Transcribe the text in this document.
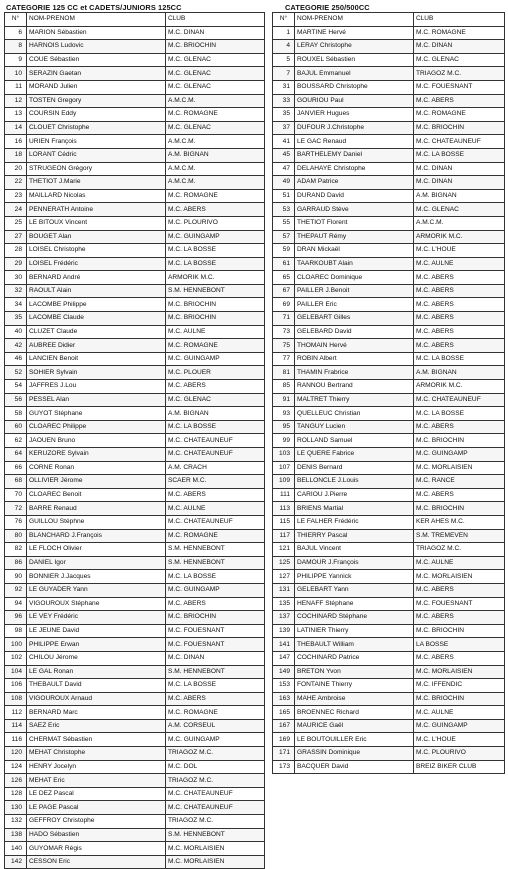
CATEGORIE 125 CC et CADETS/JUNIORS 125CC	CATEGORIE 250/500CC
N°	NOM-PRENOM	CLUB
6	MARION Sébastien	M.C. DINAN
8	HARNOIS Ludovic	M.C. BRIOCHIN
9	COUE Sébastien	M.C. GLENAC
10	SERAZIN Gaetan	M.C. GLENAC
11	MORAND Julien	M.C. GLENAC
12	TOSTEN Gregory	A.M.C.M.
13	COURSIN Eddy	M.C. ROMAGNE
14	CLOUET Christophe	M.C. GLENAC
16	URIEN François	A.M.C.M.
18	LORANT Cédric	A.M. BIGNAN
20	STRUGEON Grégory	A.M.C.M.
22	THETIOT J.Marie	A.M.C.M.
23	MAILLARD Nicolas	M.C. ROMAGNE
24	PENNERATH Antoine	M.C. ABERS
25	LE BITOUX Vincent	M.C. PLOURIVO
27	BOUGET Alan	M.C. GUINGAMP
28	LOISEL Christophe	M.C. LA BOSSE
29	LOISEL Frédéric	M.C. LA BOSSE
30	BERNARD André	ARMORIK M.C.
32	RAOULT Alain	S.M. HENNEBONT
34	LACOMBE Philippe	M.C. BRIOCHIN
35	LACOMBE Claude	M.C. BRIOCHIN
40	CLUZET Claude	M.C. AULNE
42	AUBREE Didier	M.C. ROMAGNE
46	LANCIEN Benoit	M.C. GUINGAMP
52	SOHIER Sylvain	M.C. PLOUER
54	JAFFRES J.Lou	M.C. ABERS
56	PESSEL Alan	M.C. GLENAC
58	GUYOT Stéphane	A.M. BIGNAN
60	CLOAREC Philippe	M.C. LA BOSSE
62	JAOUEN Bruno	M.C. CHATEAUNEUF
64	KERUZORE Sylvain	M.C. CHATEAUNEUF
66	CORNE Ronan	A.M. CRACH
68	OLLIVIER Jérome	SCAER M.C.
70	CLOAREC Benoit	M.C. ABERS
72	BARRE Renaud	M.C. AULNE
76	GUILLOU Stéphne	M.C. CHATEAUNEUF
80	BLANCHARD J.François	M.C. ROMAGNE
82	LE FLOCH Olivier	S.M. HENNEBONT
86	DANIEL Igor	S.M. HENNEBONT
90	BONNIER J.Jacques	M.C. LA BOSSE
92	LE GUYADER Yann	M.C. GUINGAMP
94	VIGOUROUX Stéphane	M.C. ABERS
96	LE VEY Frédéric	M.C. BRIOCHIN
98	LE JEUNE David	M.C. FOUESNANT
100	PHILIPPE Erwan	M.C. FOUESNANT
102	CHILOU Jérome	M.C. DINAN
104	LE GAL Ronan	S.M. HENNEBONT
106	THEBAULT David	M.C. LA BOSSE
108	VIGOUROUX Arnaud	M.C. ABERS
112	BERNARD Marc	M.C. ROMAGNE
114	SAEZ Eric	A.M. CORSEUL
116	CHERMAT Sébastien	M.C. GUINGAMP
120	MEHAT Christophe	TRIAGOZ M.C.
124	HENRY Jocelyn	M.C. DOL
126	MEHAT Eric	TRIAGOZ M.C.
128	LE DEZ Pascal	M.C. CHATEAUNEUF
130	LE PAGE Pascal	M.C. CHATEAUNEUF
132	GEFFROY Christophe	TRIAGOZ M.C.
138	HADO Sébastien	S.M. HENNEBONT
140	GUYOMAR Régis	M.C. MORLAISIEN
142	CESSON Eric	M.C. MORLAISIEN
N°	NOM-PRENOM	CLUB
1	MARTINE Hervé	M.C. ROMAGNE
4	LERAY Christophe	M.C. DINAN
5	ROUXEL Sébastien	M.C. GLENAC
7	BAJUL Emmanuel	TRIAGOZ M.C.
31	BOUSSARD Christophe	M.C. FOUESNANT
33	GOURIOU Paul	M.C. ABERS
35	JANVIER Hugues	M.C. ROMAGNE
37	DUFOUR J.Christophe	M.C. BRIOCHIN
41	LE GAC Renaud	M.C. CHATEAUNEUF
45	BARTHELEMY Daniel	M.C. LA BOSSE
47	DELAHAYE Christophe	M.C. DINAN
49	ADAM Patrice	M.C. DINAN
51	DURAND David	A.M. BIGNAN
53	GARRAUD Stève	M.C. GLENAC
55	THETIOT Florent	A.M.C.M.
57	THEPAUT Rémy	ARMORIK M.C.
59	DRAN Mickaël	M.C. L'HOUE
61	TAARKOUBT Alain	M.C. AULNE
65	CLOAREC Dominique	M.C. ABERS
67	PAILLER J.Benoit	M.C. ABERS
69	PAILLER Eric	M.C. ABERS
71	GELEBART Gilles	M.C. ABERS
73	GELEBARD David	M.C. ABERS
75	THOMAIN Hervé	M.C. ABERS
77	ROBIN Albert	M.C. LA BOSSE
81	THAMIN Frabrice	A.M. BIGNAN
85	RANNOU Bertrand	ARMORIK M.C.
91	MALTRET Thierry	M.C. CHATEAUNEUF
93	QUELLEUC Christian	M.C. LA BOSSE
95	TANGUY Lucien	M.C. ABERS
99	ROLLAND Samuel	M.C. BRIOCHIN
103	LE QUERE Fabrice	M.C. GUINGAMP
107	DENIS Bernard	M.C. MORLAISIEN
109	BELLONCLE J.Louis	M.C. RANCE
111	CARIOU J.Pierre	M.C. ABERS
113	BRIENS Martial	M.C. BRIOCHIN
115	LE FALHER Frédéric	KER AHES M.C.
117	THIERRY Pascal	S.M. TREMEVEN
121	BAJUL Vincent	TRIAGOZ M.C.
125	DAMOUR J.François	M.C. AULNE
127	PHILIPPE Yannick	M.C. MORLAISIEN
131	GELEBART Yann	M.C. ABERS
135	HENAFF Stéphane	M.C. FOUESNANT
137	COCHINARD Stéphane	M.C. ABERS
139	LATINIER Thierry	M.C. BRIOCHIN
141	THEBAULT William	LA BOSSE
147	COCHINARD Patrice	M.C. ABERS
149	BRETON Yvon	M.C. MORLAISIEN
153	FONTAINE Thierry	M.C. IFFENDIC
163	MAHE Ambroise	M.C. BRIOCHIN
165	BROENNEC Richard	M.C. AULNE
167	MAURICE Gaël	M.C. GUINGAMP
169	LE BOUTOUILLER Eric	M.C. L'HOUE
171	GRASSIN Dominique	M.C. PLOURIVO
173	BACQUER David	BREIZ BIKER CLUB
